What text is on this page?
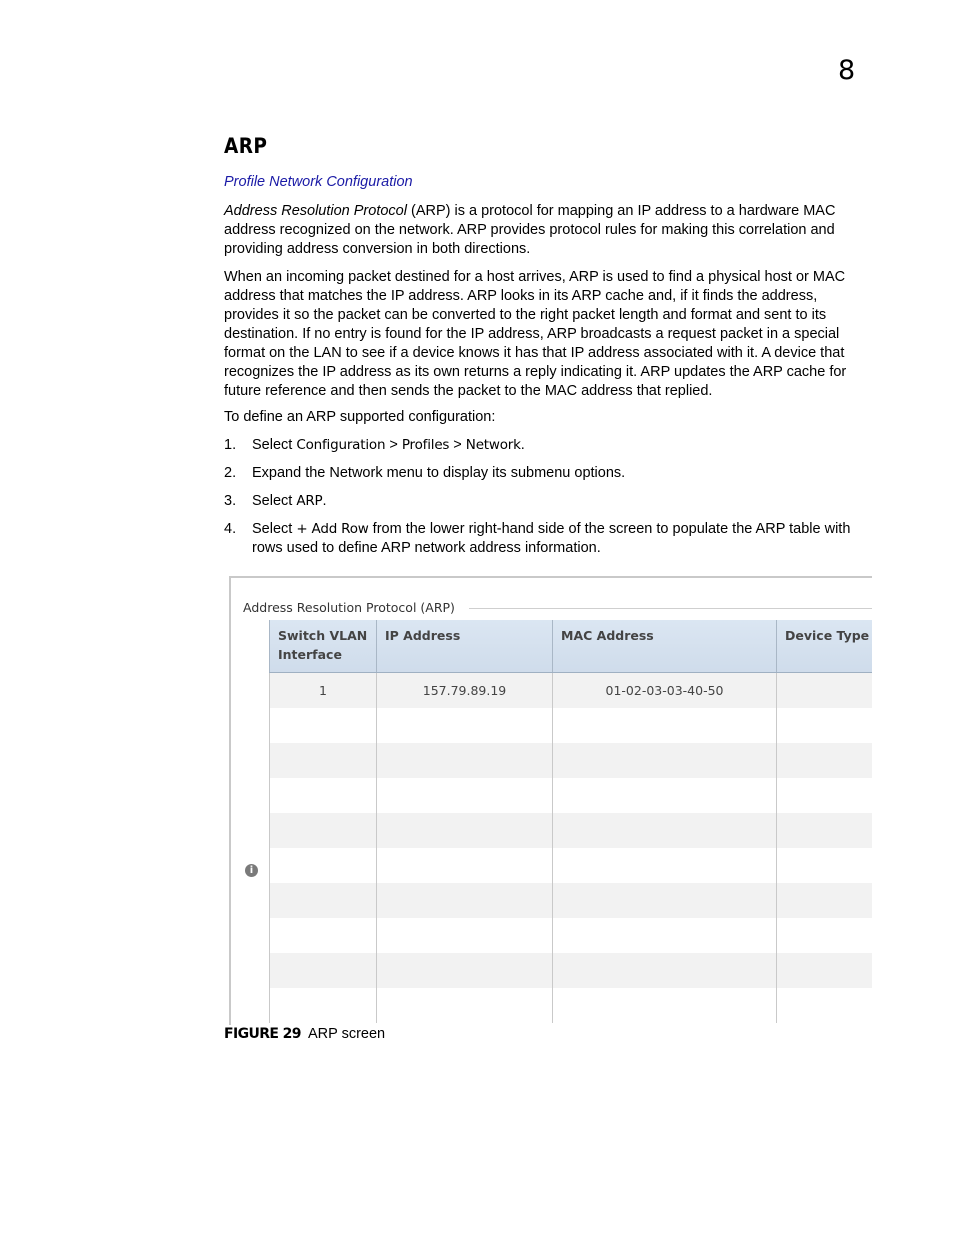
8
ARP
Profile Network Configuration

Address Resolution Protocol (ARP) is a protocol for mapping an IP address to a hardware MAC address recognized on the network. ARP provides protocol rules for making this correlation and providing address conversion in both directions.

When an incoming packet destined for a host arrives, ARP is used to find a physical host or MAC address that matches the IP address. ARP looks in its ARP cache and, if it finds the address, provides it so the packet can be converted to the right packet length and format and sent to its destination. If no entry is found for the IP address, ARP broadcasts a request packet in a special format on the LAN to see if a device knows it has that IP address associated with it. A device that recognizes the IP address as its own returns a reply indicating it. ARP updates the ARP cache for future reference and then sends the packet to the MAC address that replied.

To define an ARP supported configuration:

1. Select Configuration > Profiles > Network.
2. Expand the Network menu to display its submenu options.
3. Select ARP.
4. Select + Add Row from the lower right-hand side of the screen to populate the ARP table with rows used to define ARP network address information.
Address Resolution Protocol (ARP)
i
Switch VLAN Interface	IP Address	MAC Address	Device Type
1	157.79.89.19	01-02-03-03-40-50	

FIGURE 29 ARP screen
